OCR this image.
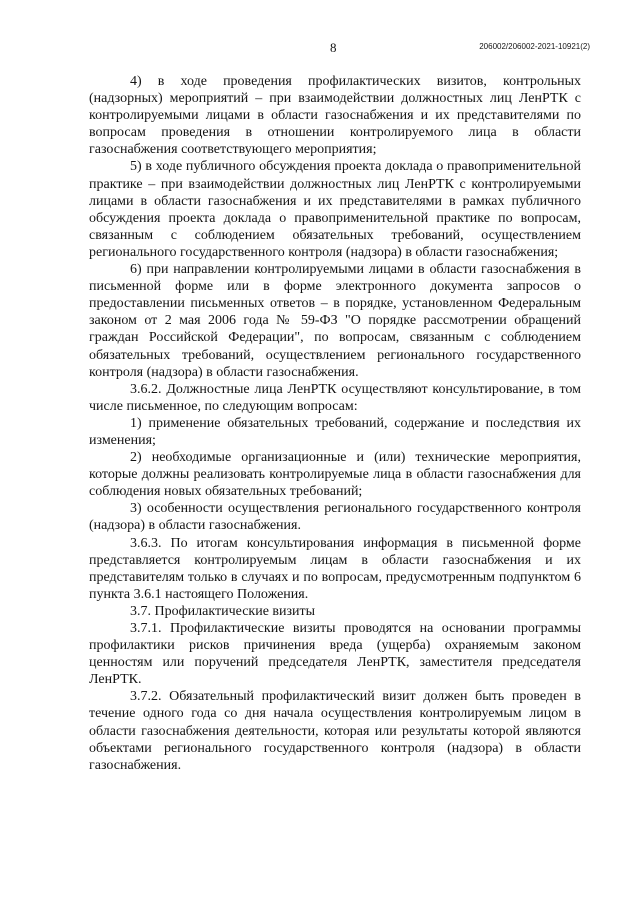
8	206002/206002-2021-10921(2)

4) в ходе проведения профилактических визитов, контрольных (надзорных) мероприятий – при взаимодействии должностных лиц ЛенРТК с контролируемыми лицами в области газоснабжения и их представителями по вопросам проведения в отношении контролируемого лица в области газоснабжения соответствующего мероприятия;

5) в ходе публичного обсуждения проекта доклада о правоприменительной практике – при взаимодействии должностных лиц ЛенРТК с контролируемыми лицами в области газоснабжения и их представителями в рамках публичного обсуждения проекта доклада о правоприменительной практике по вопросам, связанным с соблюдением обязательных требований, осуществлением регионального государственного контроля (надзора) в области газоснабжения;

6) при направлении контролируемыми лицами в области газоснабжения в письменной форме или в форме электронного документа запросов о предоставлении письменных ответов – в порядке, установленном Федеральным законом от 2 мая 2006 года № 59-ФЗ "О порядке рассмотрении обращений граждан Российской Федерации", по вопросам, связанным с соблюдением обязательных требований, осуществлением регионального государственного контроля (надзора) в области газоснабжения.

3.6.2. Должностные лица ЛенРТК осуществляют консультирование, в том числе письменное, по следующим вопросам:

1) применение обязательных требований, содержание и последствия их изменения;

2) необходимые организационные и (или) технические мероприятия, которые должны реализовать контролируемые лица в области газоснабжения для соблюдения новых обязательных требований;

3) особенности осуществления регионального государственного контроля (надзора) в области газоснабжения.

3.6.3. По итогам консультирования информация в письменной форме представляется контролируемым лицам в области газоснабжения и их представителям только в случаях и по вопросам, предусмотренным подпунктом 6 пункта 3.6.1 настоящего Положения.

3.7. Профилактические визиты

3.7.1. Профилактические визиты проводятся на основании программы профилактики рисков причинения вреда (ущерба) охраняемым законом ценностям или поручений председателя ЛенРТК, заместителя председателя ЛенРТК.

3.7.2. Обязательный профилактический визит должен быть проведен в течение одного года со дня начала осуществления контролируемым лицом в области газоснабжения деятельности, которая или результаты которой являются объектами регионального государственного контроля (надзора) в области газоснабжения.
